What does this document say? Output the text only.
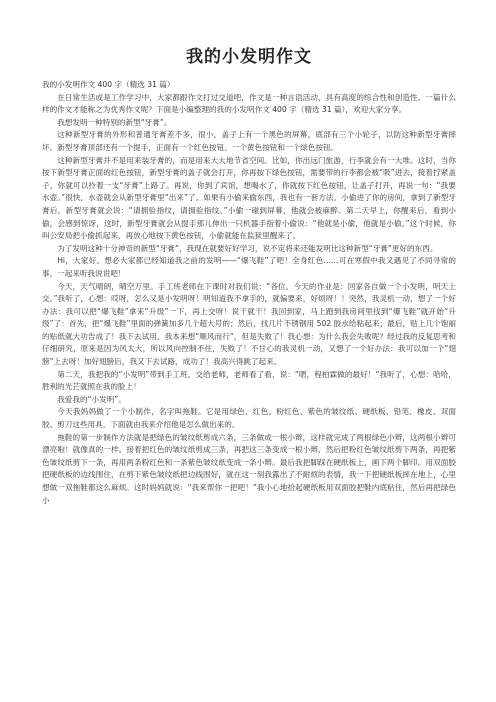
我的小发明作文

我的小发明作文 400 字（精选 31 篇）

在日常生活或是工作学习中，大家都跟作文打过交道吧，作文是一种言语活动，具有高度的综合性和创造性。一篇什么样的作文才能称之为优秀作文呢？下面是小编整理的我的小发明作文 400 字（精选 31 篇），欢迎大家分享。

我想发明一种特别的新型“牙膏”。

这种新型牙膏的外形和普通牙膏差不多，很小，盖子上有一个黑色的屏幕，底部有三个小轮子，以防这种新型牙膏摔坏。新型牙膏顶部还有一个提手，正面有一个红色按钮、一个黄色按钮和一个绿色按钮。

这种新型牙膏并不是用来装牙膏的，而是用来大大地节省空间。比如，你出远门旅游，行李就会有一大堆。这时，当你按下新型牙膏正面的红色按钮，新型牙膏的盖子就会打开，你再按下绿色按钮，需要带的行李都会被“吸”进去，接着拧紧盖子，你就可以拎着一支“牙膏”上路了。再说，你到了宾馆，想喝水了，你就按下红色按钮，让盖子打开，再说一句：“我要水壶。”很快，水壶就会从新型牙膏里“出来”了。如果有小偷来偷东西，我也有一套方法。小偷进了你的房间，拿到了新型牙膏后，新型牙膏就会说：“请拥验指纹，请拥验指纹。”小偷一碰到屏幕，他就会被麻醉。第二天早上，你醒来后，看到小偷，会感到惊讶，这时，新型牙膏就会从提手那儿伸出一只机器手指着小偷说：“他就是小偷，他就是小偷。”这个时候，你叫公安局把小偷抓起来，再放心地按下黄色按钮，小偷就能在监狱里醒来了。

为了发明这种十分神奇的新型“牙膏”，我现在就要好好学习，说不定将来还能发明比这种新型“牙膏”更好的东西。

Hi，大家好。想必大家都已经知道我之前的发明——“爆飞鞋”了吧！全身红色……可在寒假中我又遇见了不同寻常的事，一起来听我说说吧！

今天，天气晴朗，晴空万里。手工班老师在下课时对我们说：“各位，今天的作业是：回家各自做一个小发明，明天上交。”我听了，心想：哎呀，怎么又是小发明呀！明知道我不拿手的，就偏要来，好烦呀！！突然，我灵机一动，想了一个好办法：我可以把“爆飞鞋”拿来“升级”一下，再上交呀！说干就干！我回到家，马上跑到我房间里找到“爆飞鞋”就开始“升级”了：首先，把“爆飞鞋”里面的弹簧加多几个超大号的；然后，找几片不锈钢用 502 胶水给粘起来；最后，贴上几个饱丽的贴纸就大功告成了！我下去试用，我本来想“顺风而行”，但是失败了！我心想：为什么我会失败呢？经过我的反复思考和仔细研究，原来是因为风太大，所以风向控制不住，失败了！不甘心的我灵机一动，又想了一个好办法：我可以加一个“翅膀”上去呀！加好翅膀后，我又下去试路，成功了！我高兴得跳了起来。

第二天，我把我的“小发明”带到手工班，交给老师，老师看了看，说：“嗯，程柏霖做的最好！”我听了，心想：哈哈，胜利的光芒就照在我的脸上！

我爱我的“小发明”。

今天我妈妈做了一个小制作，名字叫拖鞋。它是用绿色、红色、粉红色、紫色的皱纹纸、硬纸板、铅笔、橡皮、双面胶、剪刀这些用具，下面就由我来介绍他是怎么做出来的。

拖鞋的第一步制作方法就是把绿色的皱纹纸剪成六条，三条做成一根小辫，这样就完成了两根绿色小辫，这两根小辫可漂亮啦！就像真的一样。接着把红色的皱纹纸剪成三条，再把这三条变成一根小辫，然后把粉红色皱纹纸剪下两条，再把紫色皱纹纸剪下一条，再用两条粉红色和一条紫色皱纹纸变成一条小辫。最后我把脚踩在硬纸板上，画下两个脚印。用双面胶把硬纸板的边线围住，在剪下紫色皱纹纸把边线围好，就在这一刻我露出了不耐烦的表情，我一下把硬纸板摔在地上，心里想做一双拖鞋都这么麻烦。这时妈妈就说：“我来帮你一把吧！”我小心地拾起硬纸板用双面胶把鞋内底粘住，然后再把绿色小
